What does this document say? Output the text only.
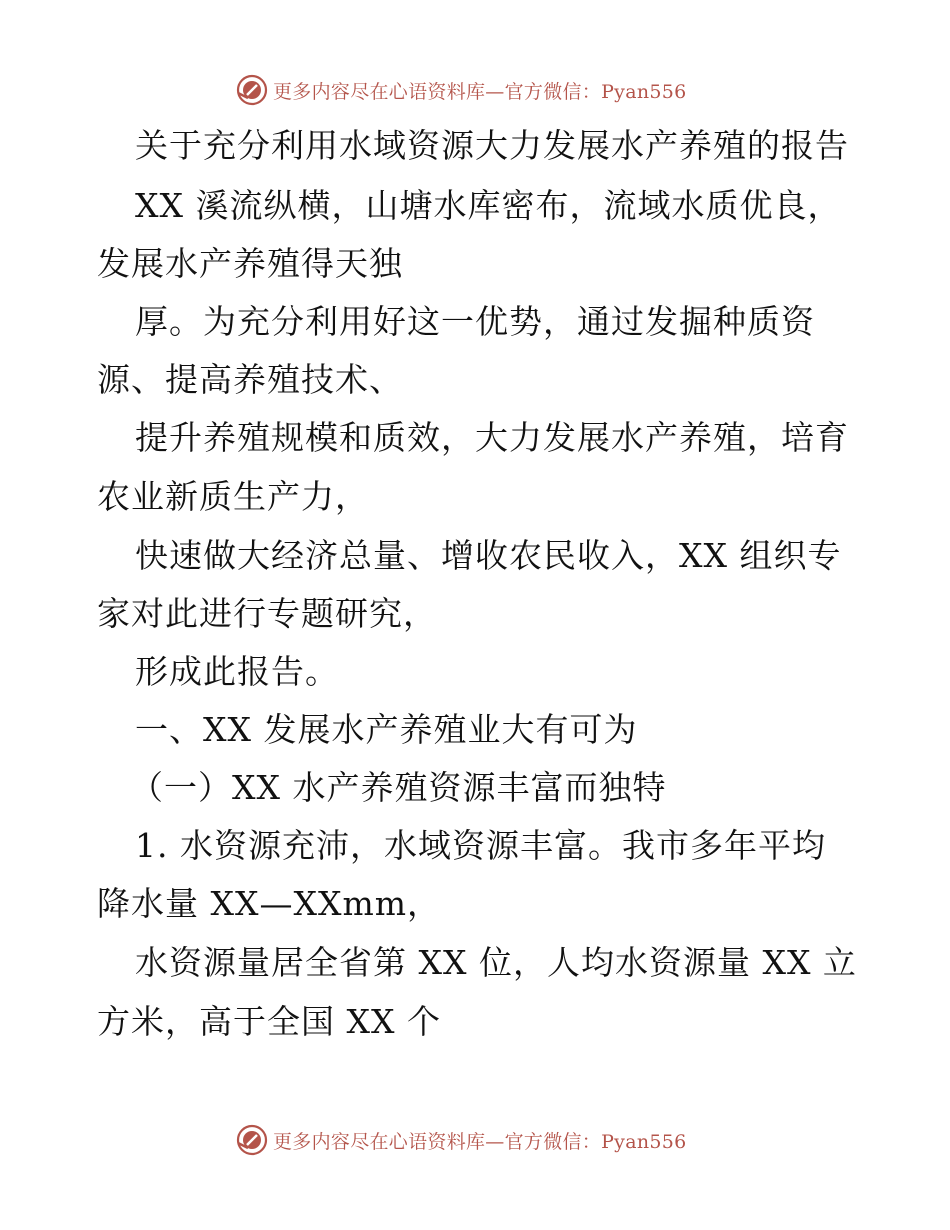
更多内容尽在心语资料库—官方微信：Pyan556
关于充分利用水域资源大力发展水产养殖的报告
XX 溪流纵横，山塘水库密布，流域水质优良，
发展水产养殖得天独
厚。为充分利用好这一优势，通过发掘种质资
源、提高养殖技术、
提升养殖规模和质效，大力发展水产养殖，培育
农业新质生产力，
快速做大经济总量、增收农民收入，XX 组织专
家对此进行专题研究，
形成此报告。
一、XX 发展水产养殖业大有可为
（一）XX 水产养殖资源丰富而独特
1. 水资源充沛，水域资源丰富。我市多年平均
降水量 XX—XXmm，
水资源量居全省第 XX 位，人均水资源量 XX 立
方米，高于全国 XX 个
更多内容尽在心语资料库—官方微信：Pyan556
